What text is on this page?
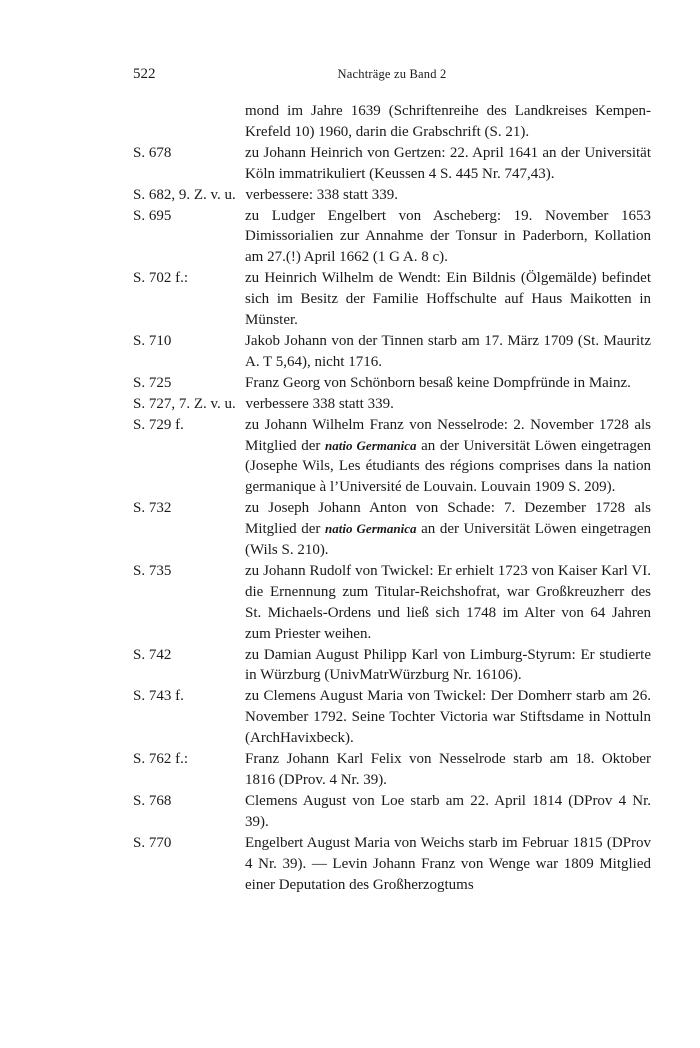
522	Nachträge zu Band 2
mond im Jahre 1639 (Schriftenreihe des Landkreises Kempen-Krefeld 10) 1960, darin die Grabschrift (S. 21).
S. 678	zu Johann Heinrich von Gertzen: 22. April 1641 an der Universität Köln immatrikuliert (Keussen 4 S. 445 Nr. 747,43).
S. 682, 9. Z. v. u. verbessere: 338 statt 339.
S. 695	zu Ludger Engelbert von Ascheberg: 19. November 1653 Dimissorialien zur Annahme der Tonsur in Paderborn, Kollation am 27.(!) April 1662 (1 G A. 8 c).
S. 702 f.:	zu Heinrich Wilhelm de Wendt: Ein Bildnis (Ölgemälde) befindet sich im Besitz der Familie Hoffschulte auf Haus Maikotten in Münster.
S. 710	Jakob Johann von der Tinnen starb am 17. März 1709 (St. Mauritz A. T 5,64), nicht 1716.
S. 725	Franz Georg von Schönborn besaß keine Dompfründe in Mainz.
S. 727, 7. Z. v. u. verbessere 338 statt 339.
S. 729 f.	zu Johann Wilhelm Franz von Nesselrode: 2. November 1728 als Mitglied der natio Germanica an der Universität Löwen eingetragen (Josephe Wils, Les étudiants des régions comprises dans la nation germanique à l’Université de Louvain. Louvain 1909 S. 209).
S. 732	zu Joseph Johann Anton von Schade: 7. Dezember 1728 als Mitglied der natio Germanica an der Universität Löwen eingetragen (Wils S. 210).
S. 735	zu Johann Rudolf von Twickel: Er erhielt 1723 von Kaiser Karl VI. die Ernennung zum Titular-Reichshofrat, war Großkreuzherr des St. Michaels-Ordens und ließ sich 1748 im Alter von 64 Jahren zum Priester weihen.
S. 742	zu Damian August Philipp Karl von Limburg-Styrum: Er studierte in Würzburg (UnivMatrWürzburg Nr. 16106).
S. 743 f.	zu Clemens August Maria von Twickel: Der Domherr starb am 26. November 1792. Seine Tochter Victoria war Stiftsdame in Nottuln (ArchHavixbeck).
S. 762 f.:	Franz Johann Karl Felix von Nesselrode starb am 18. Oktober 1816 (DProv. 4 Nr. 39).
S. 768	Clemens August von Loe starb am 22. April 1814 (DProv 4 Nr. 39).
S. 770	Engelbert August Maria von Weichs starb im Februar 1815 (DProv 4 Nr. 39). — Levin Johann Franz von Wenge war 1809 Mitglied einer Deputation des Großherzogtums
